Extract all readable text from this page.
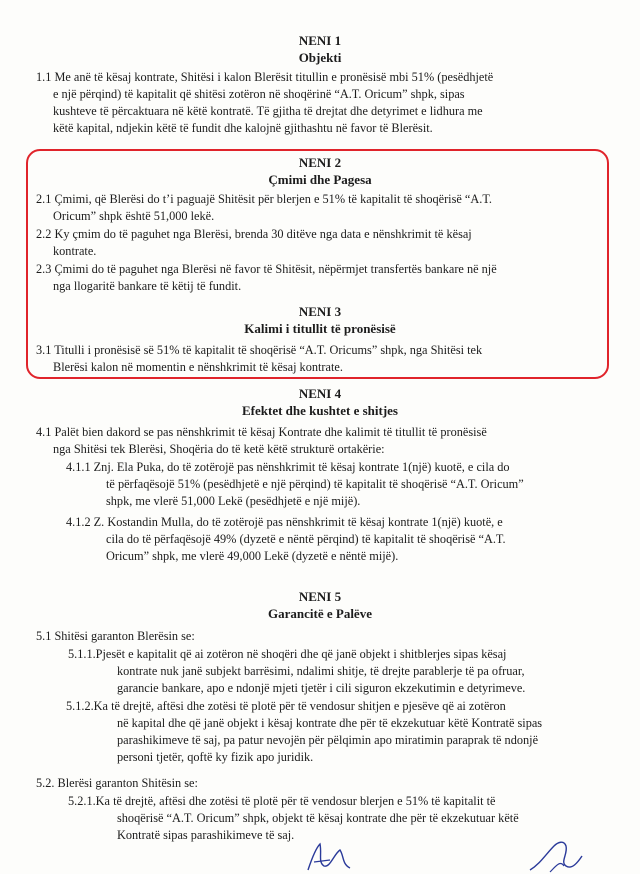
NENI 1
Objekti
1.1 Me anë të kësaj kontrate, Shitësi i kalon Blerësit titullin e pronësisë mbi 51% (pesëdhjetë
e një përqind) të kapitalit që shitësi zotëron në shoqërinë “A.T. Oricum” shpk, sipas
kushteve të përcaktuara në këtë kontratë. Të gjitha të drejtat dhe detyrimet e lidhura me
këtë kapital, ndjekin këtë të fundit dhe kalojnë gjithashtu në favor të Blerësit.
NENI 2
Çmimi dhe Pagesa
2.1 Çmimi, që Blerësi do t’i paguajë Shitësit për blerjen e 51% të kapitalit të shoqërisë “A.T.
Oricum” shpk është 51,000 lekë.
2.2 Ky çmim do të paguhet nga Blerësi, brenda 30 ditëve nga data e nënshkrimit të kësaj
kontrate.
2.3 Çmimi do të paguhet nga Blerësi në favor të Shitësit, nëpërmjet transfertës bankare në një
nga llogaritë bankare të këtij të fundit.
NENI 3
Kalimi i titullit të pronësisë
3.1 Titulli i pronësisë së 51% të kapitalit të shoqërisë “A.T. Oricums” shpk, nga Shitësi tek
Blerësi kalon në momentin e nënshkrimit të kësaj kontrate.
NENI 4
Efektet dhe kushtet e shitjes
4.1 Palët bien dakord se pas nënshkrimit të kësaj Kontrate dhe kalimit të titullit të pronësisë
nga Shitësi tek Blerësi, Shoqëria do të ketë këtë strukturë ortakërie:
4.1.1 Znj. Ela Puka, do të zotërojë pas nënshkrimit të kësaj kontrate 1(një) kuotë, e cila do
të përfaqësojë 51% (pesëdhjetë e një përqind) të kapitalit të shoqërisë “A.T. Oricum”
shpk, me vlerë 51,000 Lekë (pesëdhjetë e një mijë).
4.1.2 Z. Kostandin Mulla, do të zotërojë pas nënshkrimit të kësaj kontrate 1(një) kuotë, e
cila do të përfaqësojë 49% (dyzetë e nëntë përqind) të kapitalit të shoqërisë “A.T.
Oricum” shpk, me vlerë 49,000 Lekë (dyzetë e nëntë mijë).
NENI 5
Garancitë e Palëve
5.1 Shitësi garanton Blerësin se:
5.1.1.Pjesët e kapitalit që ai zotëron në shoqëri dhe që janë objekt i shitblerjes sipas kësaj
kontrate nuk janë subjekt barrësimi, ndalimi shitje, të drejte parablerje të pa ofruar,
garancie bankare, apo e ndonjë mjeti tjetër i cili siguron ekzekutimin e detyrimeve.
5.1.2.Ka të drejtë, aftësi dhe zotësi të plotë për të vendosur shitjen e pjesëve që ai zotëron
në kapital dhe që janë objekt i kësaj kontrate dhe për të ekzekutuar këtë Kontratë sipas
parashikimeve të saj, pa patur nevojën për pëlqimin apo miratimin paraprak të ndonjë
personi tjetër, qoftë ky fizik apo juridik.
5.2. Blerësi garanton Shitësin se:
5.2.1.Ka të drejtë, aftësi dhe zotësi të plotë për të vendosur blerjen e 51% të kapitalit të
shoqërisë “A.T. Oricum” shpk, objekt të kësaj kontrate dhe për të ekzekutuar këtë
Kontratë sipas parashikimeve të saj.
